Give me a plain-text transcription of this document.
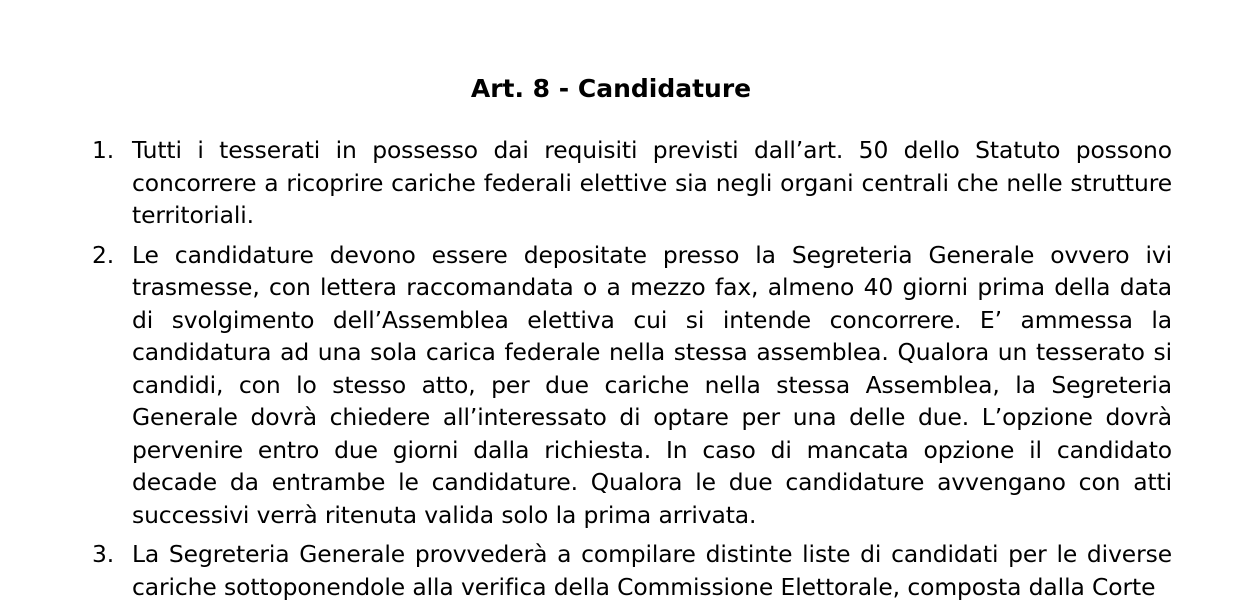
Art. 8 - Candidature
1. Tutti i tesserati in possesso dai requisiti previsti dall’art. 50 dello Statuto possono concorrere a ricoprire cariche federali elettive sia negli organi centrali che nelle strutture territoriali.
2. Le candidature devono essere depositate presso la Segreteria Generale ovvero ivi trasmesse, con lettera raccomandata o a mezzo fax, almeno 40 giorni prima della data di svolgimento dell’Assemblea elettiva cui si intende concorrere. E’ ammessa la candidatura ad una sola carica federale nella stessa assemblea. Qualora un tesserato si candidi, con lo stesso atto, per due cariche nella stessa Assemblea, la Segreteria Generale dovrà chiedere all’interessato di optare per una delle due. L’opzione dovrà pervenire entro due giorni dalla richiesta. In caso di mancata opzione il candidato decade da entrambe le candidature. Qualora le due candidature avvengano con atti successivi verrà ritenuta valida solo la prima arrivata.
3. La Segreteria Generale provvederà a compilare distinte liste di candidati per le diverse cariche sottoponendole alla verifica della Commissione Elettorale, composta dalla Corte
